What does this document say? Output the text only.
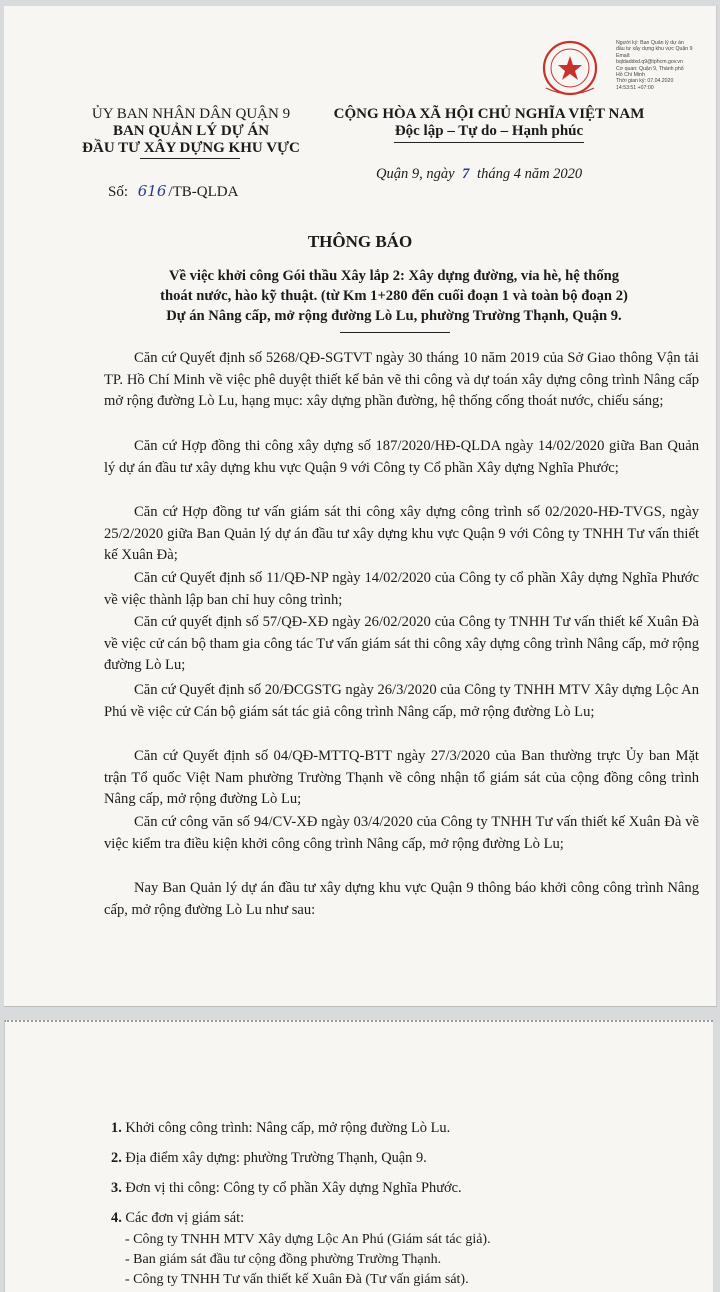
ỦY BAN NHÂN DÂN QUẬN 9
BAN QUẢN LÝ DỰ ÁN
ĐẦU TƯ XÂY DỰNG KHU VỰC
CỘNG HÒA XÃ HỘI CHỦ NGHĨA VIỆT NAM
Độc lập – Tự do – Hạnh phúc
Số: 616 /TB-QLDA
Quận 9, ngày 7 tháng 4 năm 2020
Người ký: Ban Quản lý dự án
đầu tư xây dựng khu vực Quận 9
Email:
bqldaddxd.q9@tphcm.gov.vn
Cơ quan: Quận 9, Thành phố
Hồ Chí Minh
Thời gian ký: 07.04.2020
14:53:51 +07:00
THÔNG BÁO
Về việc khởi công Gói thầu Xây lắp 2: Xây dựng đường, vỉa hè, hệ thống
thoát nước, hào kỹ thuật. (từ Km 1+280 đến cuối đoạn 1 và toàn bộ đoạn 2)
Dự án Nâng cấp, mở rộng đường Lò Lu, phường Trường Thạnh, Quận 9.
Căn cứ Quyết định số 5268/QĐ-SGTVT ngày 30 tháng 10 năm 2019 của Sở Giao thông Vận tải TP. Hồ Chí Minh về việc phê duyệt thiết kế bản vẽ thi công và dự toán xây dựng công trình Nâng cấp mở rộng đường Lò Lu, hạng mục: xây dựng phần đường, hệ thống cống thoát nước, chiếu sáng;
Căn cứ Hợp đồng thi công xây dựng số 187/2020/HĐ-QLDA ngày 14/02/2020 giữa Ban Quản lý dự án đầu tư xây dựng khu vực Quận 9 với Công ty Cổ phần Xây dựng Nghĩa Phước;
Căn cứ Hợp đồng tư vấn giám sát thi công xây dựng công trình số 02/2020-HĐ-TVGS, ngày 25/2/2020 giữa Ban Quản lý dự án đầu tư xây dựng khu vực Quận 9 với Công ty TNHH Tư vấn thiết kế Xuân Đà;
Căn cứ Quyết định số 11/QĐ-NP ngày 14/02/2020 của Công ty cổ phần Xây dựng Nghĩa Phước về việc thành lập ban chỉ huy công trình;
Căn cứ quyết định số 57/QĐ-XĐ ngày 26/02/2020 của Công ty TNHH Tư vấn thiết kế Xuân Đà về việc cử cán bộ tham gia công tác Tư vấn giám sát thi công xây dựng công trình Nâng cấp, mở rộng đường Lò Lu;
Căn cứ Quyết định số 20/ĐCGSTG ngày 26/3/2020 của Công ty TNHH MTV Xây dựng Lộc An Phú về việc cử Cán bộ giám sát tác giả công trình Nâng cấp, mở rộng đường Lò Lu;
Căn cứ Quyết định số 04/QĐ-MTTQ-BTT ngày 27/3/2020 của Ban thường trực Ủy ban Mặt trận Tổ quốc Việt Nam phường Trường Thạnh về công nhận tổ giám sát của cộng đồng công trình Nâng cấp, mở rộng đường Lò Lu;
Căn cứ công văn số 94/CV-XĐ ngày 03/4/2020 của Công ty TNHH Tư vấn thiết kế Xuân Đà về việc kiểm tra điều kiện khởi công công trình Nâng cấp, mở rộng đường Lò Lu;
Nay Ban Quản lý dự án đầu tư xây dựng khu vực Quận 9 thông báo khởi công công trình Nâng cấp, mở rộng đường Lò Lu như sau:
1. Khởi công công trình: Nâng cấp, mở rộng đường Lò Lu.
2. Địa điểm xây dựng: phường Trường Thạnh, Quận 9.
3. Đơn vị thi công: Công ty cổ phần Xây dựng Nghĩa Phước.
4. Các đơn vị giám sát:
- Công ty TNHH MTV Xây dựng Lộc An Phú (Giám sát tác giả).
- Ban giám sát đầu tư cộng đồng phường Trường Thạnh.
- Công ty TNHH Tư vấn thiết kế Xuân Đà (Tư vấn giám sát).
